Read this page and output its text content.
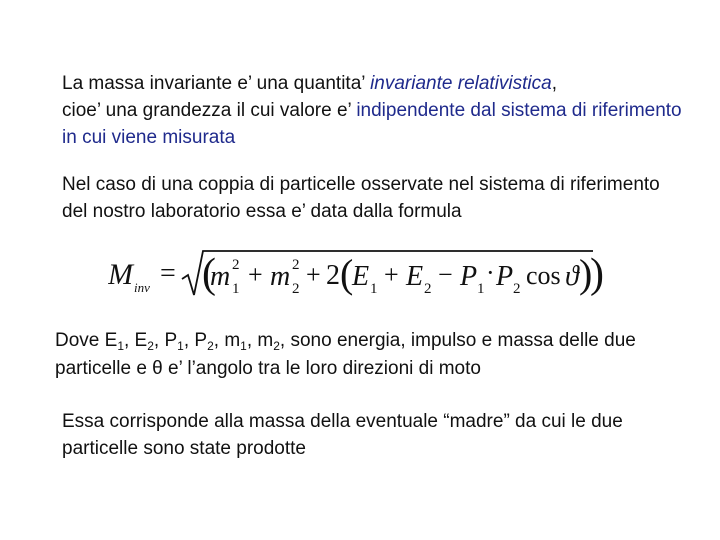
La massa invariante e’ una quantita’ invariante relativistica,
cioe’ una grandezza il cui valore e’ indipendente dal sistema di riferimento in cui viene misurata
Nel caso di una coppia di particelle osservate nel sistema di riferimento del nostro laboratorio essa e’ data dalla formula
M inv = (
m 2
1 + m 2
2 + 2 (
E 1 + E 2 − P 1
· P 2 cos ϑ )
)
Dove $E_1$, $E_2$, $P_1$, $P_2$, $m_1$, $m_2$, sono energia, impulso e massa delle due particelle e θ e’ l’angolo tra le loro direzioni di moto
Essa corrisponde alla massa della eventuale “madre” da cui le due particelle sono state prodotte
